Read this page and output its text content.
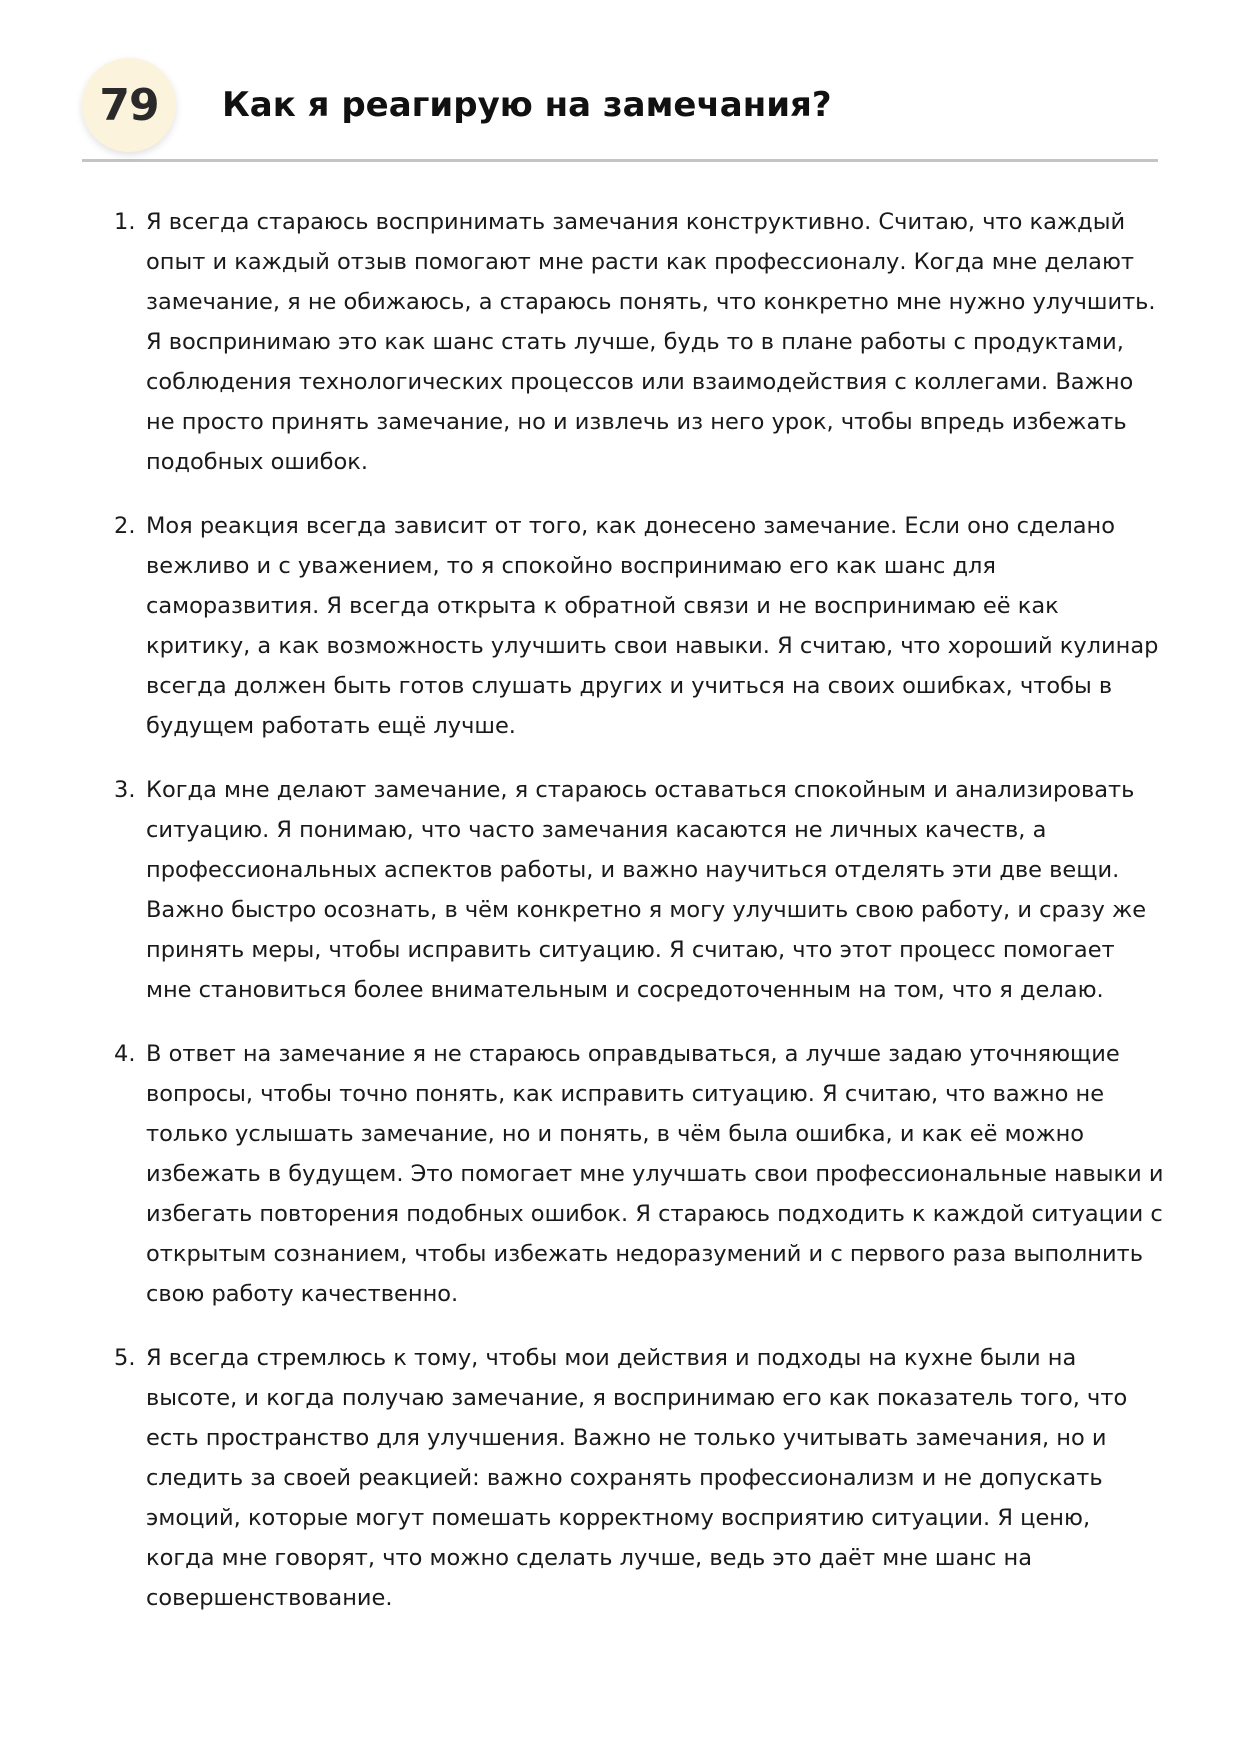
79 Как я реагирую на замечания?
Я всегда стараюсь воспринимать замечания конструктивно. Считаю, что каждый опыт и каждый отзыв помогают мне расти как профессионалу. Когда мне делают замечание, я не обижаюсь, а стараюсь понять, что конкретно мне нужно улучшить. Я воспринимаю это как шанс стать лучше, будь то в плане работы с продуктами, соблюдения технологических процессов или взаимодействия с коллегами. Важно не просто принять замечание, но и извлечь из него урок, чтобы впредь избежать подобных ошибок.
Моя реакция всегда зависит от того, как донесено замечание. Если оно сделано вежливо и с уважением, то я спокойно воспринимаю его как шанс для саморазвития. Я всегда открыта к обратной связи и не воспринимаю её как критику, а как возможность улучшить свои навыки. Я считаю, что хороший кулинар всегда должен быть готов слушать других и учиться на своих ошибках, чтобы в будущем работать ещё лучше.
Когда мне делают замечание, я стараюсь оставаться спокойным и анализировать ситуацию. Я понимаю, что часто замечания касаются не личных качеств, а профессиональных аспектов работы, и важно научиться отделять эти две вещи. Важно быстро осознать, в чём конкретно я могу улучшить свою работу, и сразу же принять меры, чтобы исправить ситуацию. Я считаю, что этот процесс помогает мне становиться более внимательным и сосредоточенным на том, что я делаю.
В ответ на замечание я не стараюсь оправдываться, а лучше задаю уточняющие вопросы, чтобы точно понять, как исправить ситуацию. Я считаю, что важно не только услышать замечание, но и понять, в чём была ошибка, и как её можно избежать в будущем. Это помогает мне улучшать свои профессиональные навыки и избегать повторения подобных ошибок. Я стараюсь подходить к каждой ситуации с открытым сознанием, чтобы избежать недоразумений и с первого раза выполнить свою работу качественно.
Я всегда стремлюсь к тому, чтобы мои действия и подходы на кухне были на высоте, и когда получаю замечание, я воспринимаю его как показатель того, что есть пространство для улучшения. Важно не только учитывать замечания, но и следить за своей реакцией: важно сохранять профессионализм и не допускать эмоций, которые могут помешать корректному восприятию ситуации. Я ценю, когда мне говорят, что можно сделать лучше, ведь это даёт мне шанс на совершенствование.
